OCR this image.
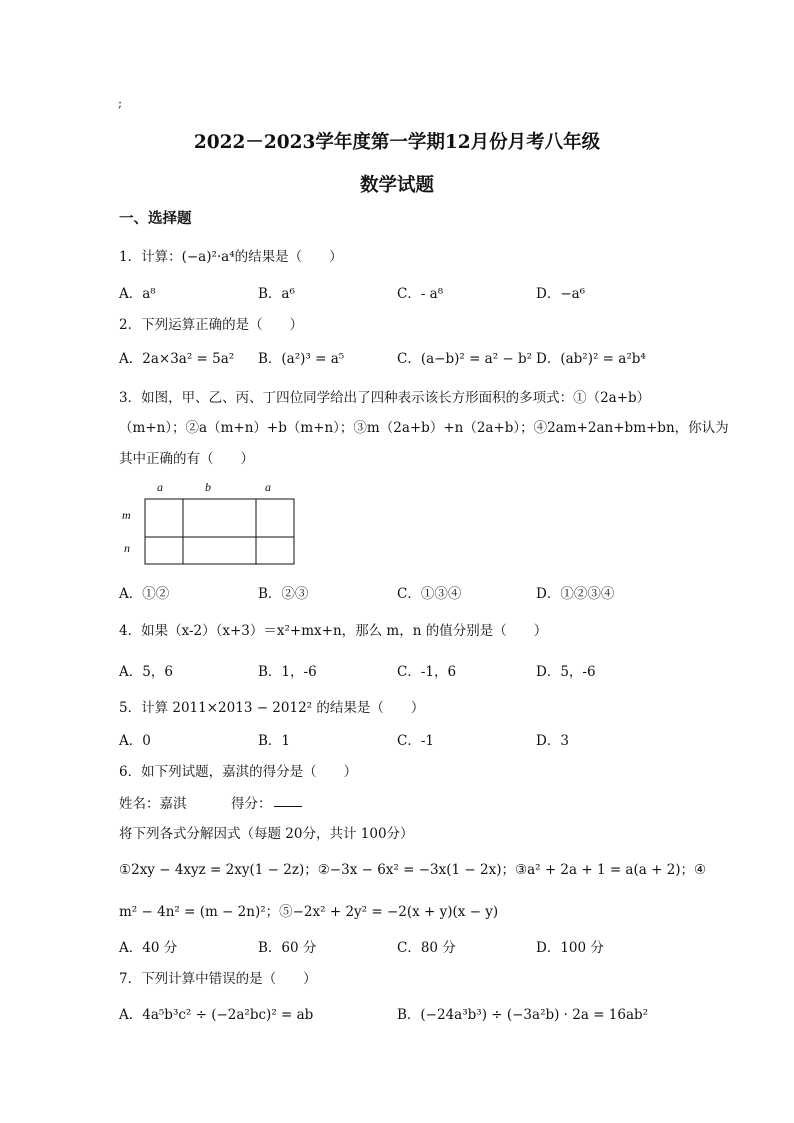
;
2022－2023学年度第一学期12月份月考八年级
数学试题
一、选择题
1．计算：(−a)²·a⁴的结果是（　　）
A．a⁸	B．a⁶	C．- a⁸	D．−a⁶
2．下列运算正确的是（　　）
A．2a×3a² = 5a² B．(a²)³ = a⁵	C．(a−b)² = a² − b² D．(ab²)² = a²b⁴
3．如图，甲、乙、丙、丁四位同学给出了四种表示该长方形面积的多项式：①（2a+b）
（m+n）；②a（m+n）+b（m+n）；③m（2a+b）+n（2a+b）；④2am+2an+bm+bn，你认为
其中正确的有（　　）
a	b	a
m
n
A．①②	B．②③	C．①③④	D．①②③④
4．如果（x-2）（x+3）＝x²+mx+n，那么 m，n 的值分别是（　　）
A．5，6	B．1，-6	C．-1，6	D．5，-6
5．计算 2011×2013 − 2012² 的结果是（　　）
A．0	B．1	C．-1	D．3
6．如下列试题，嘉淇的得分是（　　）
姓名：嘉淇	得分：
将下列各式分解因式（每题 20分，共计 100分）
①2xy − 4xyz = 2xy(1 − 2z)；②−3x − 6x² = −3x(1 − 2x)；③a² + 2a + 1 = a(a + 2)；④
m² − 4n² = (m − 2n)²；⑤−2x² + 2y² = −2(x + y)(x − y)
A．40 分	B．60 分	C．80 分	D．100 分
7．下列计算中错误的是（　　）
A．4a⁵b³c² ÷ (−2a²bc)² = ab	B．(−24a³b³) ÷ (−3a²b) · 2a = 16ab²
